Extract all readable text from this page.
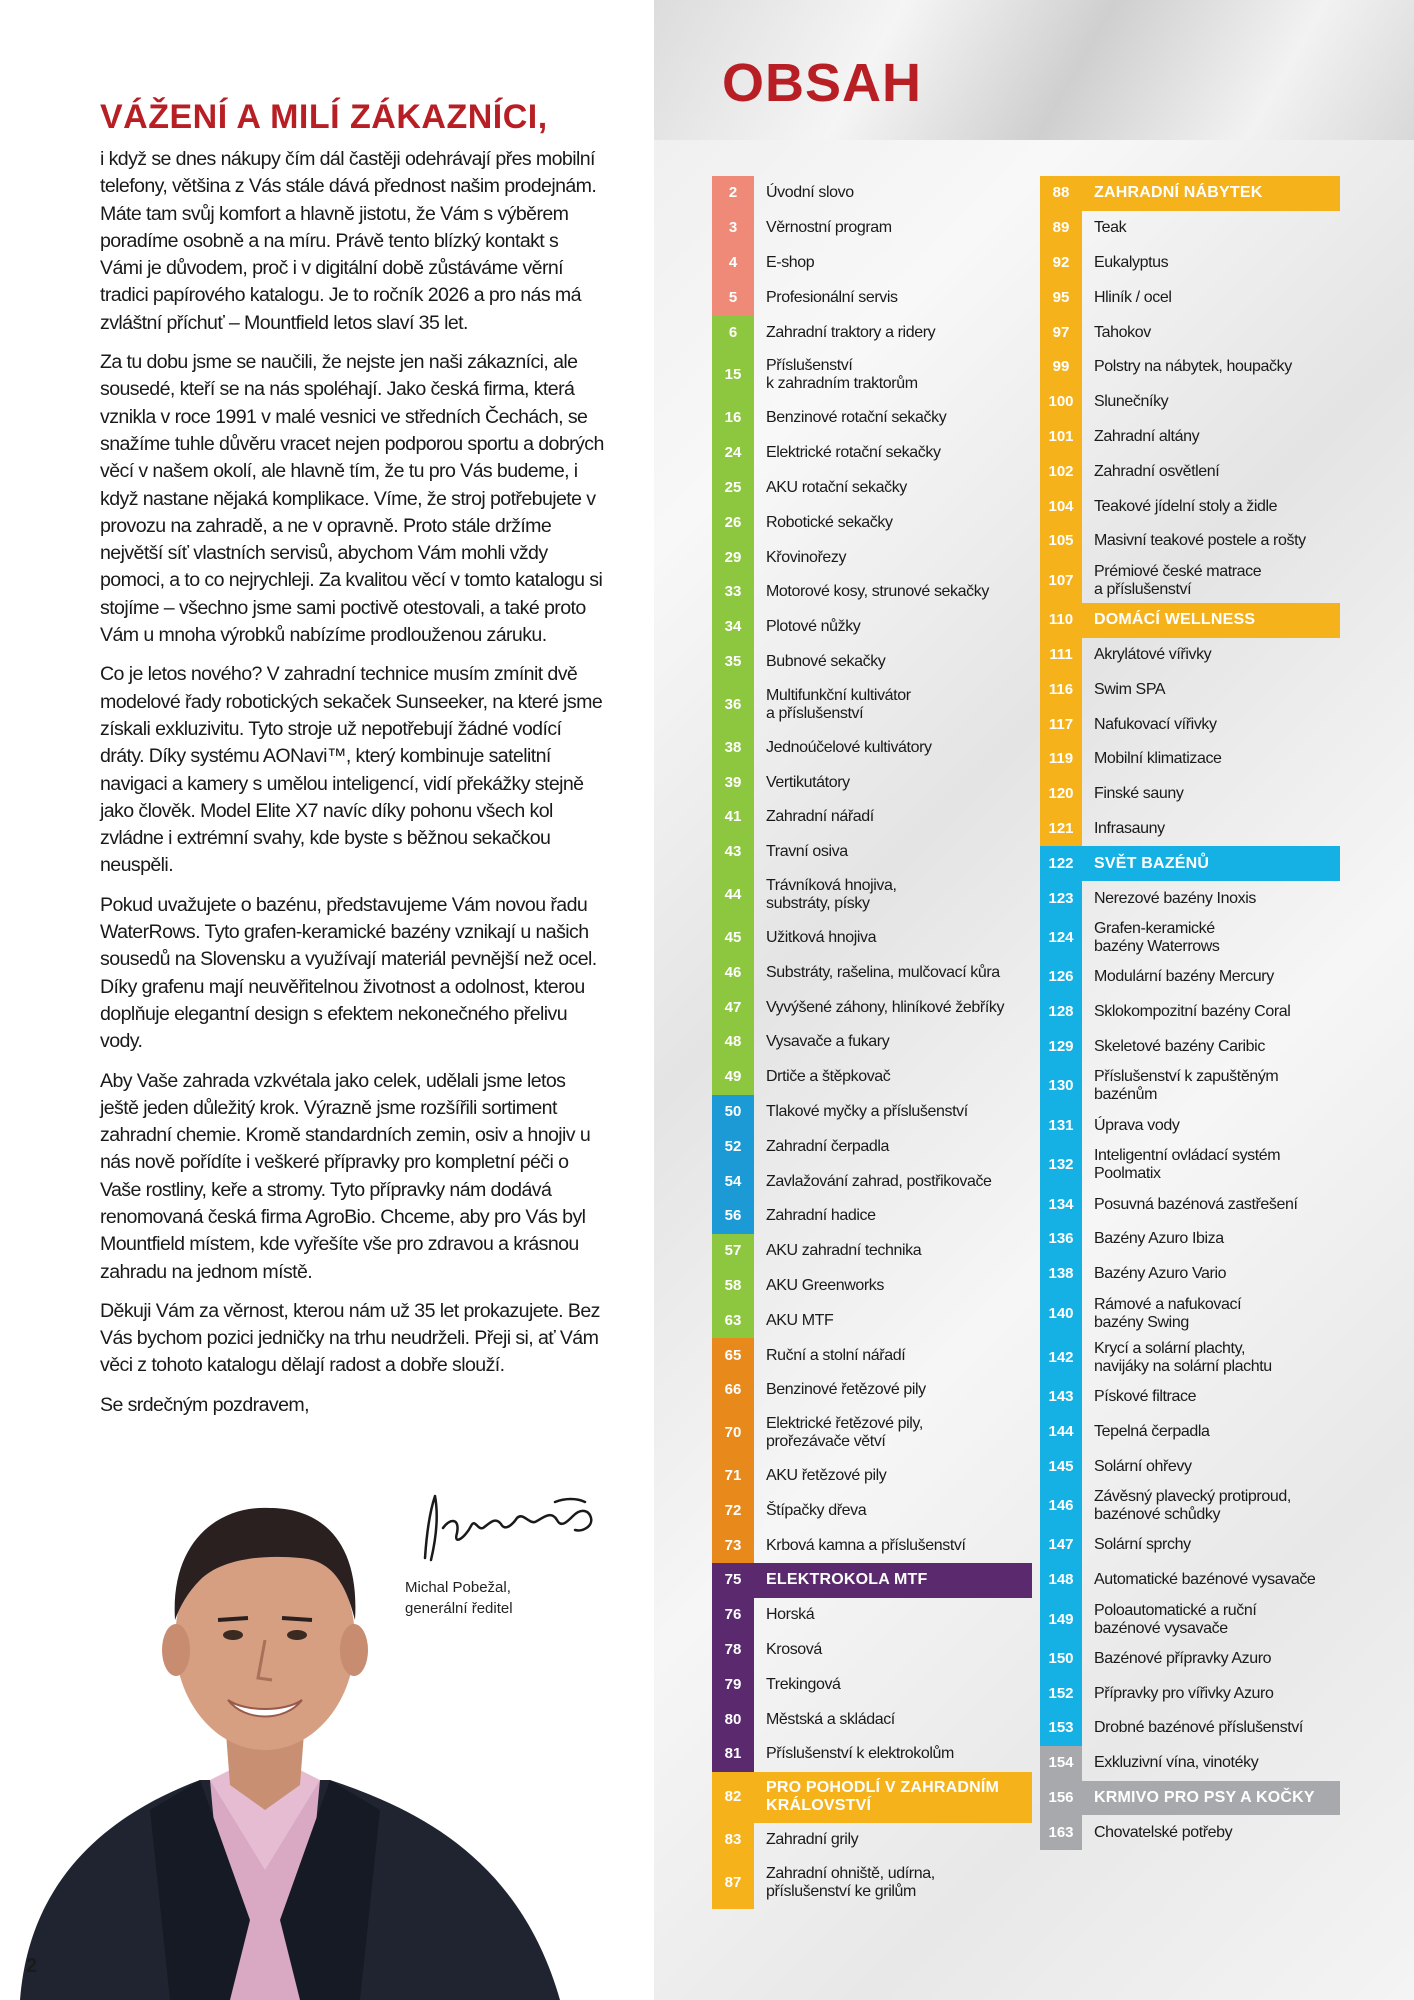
VÁŽENÍ A MILÍ ZÁKAZNÍCI,

i když se dnes nákupy čím dál častěji odehrávají přes mobilní telefony, většina z Vás stále dává přednost našim prodejnám. Máte tam svůj komfort a hlavně jistotu, že Vám s výběrem poradíme osobně a na míru. Právě tento blízký kontakt s Vámi je důvodem, proč i v digitální době zůstáváme věrní tradici papírového katalogu. Je to ročník 2026 a pro nás má zvláštní příchuť – Mountfield letos slaví 35 let.

Za tu dobu jsme se naučili, že nejste jen naši zákazníci, ale sousedé, kteří se na nás spoléhají. Jako česká firma, která vznikla v roce 1991 v malé vesnici ve středních Čechách, se snažíme tuhle důvěru vracet nejen podporou sportu a dobrých věcí v našem okolí, ale hlavně tím, že tu pro Vás budeme, i když nastane nějaká komplikace. Víme, že stroj potřebujete v provozu na zahradě, a ne v opravně. Proto stále držíme největší síť vlastních servisů, abychom Vám mohli vždy pomoci, a to co nejrychleji. Za kvalitou věcí v tomto katalogu si stojíme – všechno jsme sami poctivě otestovali, a také proto Vám u mnoha výrobků nabízíme prodlouženou záruku.

Co je letos nového? V zahradní technice musím zmínit dvě modelové řady robotických sekaček Sunseeker, na které jsme získali exkluzivitu. Tyto stroje už nepotřebují žádné vodící dráty. Díky systému AONavi™, který kombinuje satelitní navigaci a kamery s umělou inteligencí, vidí překážky stejně jako člověk. Model Elite X7 navíc díky pohonu všech kol zvládne i extrémní svahy, kde byste s běžnou sekačkou neuspěli.

Pokud uvažujete o bazénu, představujeme Vám novou řadu WaterRows. Tyto grafen-keramické bazény vznikají u našich sousedů na Slovensku a využívají materiál pevnější než ocel. Díky grafenu mají neuvěřitelnou životnost a odolnost, kterou doplňuje elegantní design s efektem nekonečného přelivu vody.

Aby Vaše zahrada vzkvétala jako celek, udělali jsme letos ještě jeden důležitý krok. Výrazně jsme rozšířili sortiment zahradní chemie. Kromě standardních zemin, osiv a hnojiv u nás nově pořídíte i veškeré přípravky pro kompletní péči o Vaše rostliny, keře a stromy. Tyto přípravky nám dodává renomovaná česká firma AgroBio. Chceme, aby pro Vás byl Mountfield místem, kde vyřešíte vše pro zdravou a krásnou zahradu na jednom místě.

Děkuji Vám za věrnost, kterou nám už 35 let prokazujete. Bez Vás bychom pozici jedničky na trhu neudrželi. Přeji si, ať Vám věci z tohoto katalogu dělají radost a dobře slouží.

Se srdečným pozdravem,

Michal Pobežal,
generální ředitel
2
OBSAH
2	Úvodní slovo
3	Věrnostní program
4	E-shop
5	Profesionální servis
6	Zahradní traktory a ridery
15
Příslušenství
k zahradním traktorům
16	Benzinové rotační sekačky
24	Elektrické rotační sekačky
25	AKU rotační sekačky
26	Robotické sekačky
29	Křovinořezy
33	Motorové kosy, strunové sekačky
34	Plotové nůžky
35	Bubnové sekačky
36
Multifunkční kultivátor
a příslušenství
38	Jednoúčelové kultivátory
39	Vertikutátory
41	Zahradní nářadí
43	Travní osiva
44
Trávníková hnojiva,
substráty, písky
45	Užitková hnojiva
46	Substráty, rašelina, mulčovací kůra
47	Vyvýšené záhony, hliníkové žebříky
48	Vysavače a fukary
49	Drtiče a štěpkovač
50	Tlakové myčky a příslušenství
52	Zahradní čerpadla
54	Zavlažování zahrad, postřikovače
56	Zahradní hadice
57	AKU zahradní technika
58	AKU Greenworks
63	AKU MTF
65	Ruční a stolní nářadí
66	Benzinové řetězové pily
70
Elektrické řetězové pily,
prořezávače větví
71	AKU řetězové pily
72	Štípačky dřeva
73	Krbová kamna a příslušenství
75	ELEKTROKOLA MTF
76	Horská
78	Krosová
79	Trekingová
80	Městská a skládací
81	Příslušenství k elektrokolům
82
PRO POHODLÍ V ZAHRADNÍM
KRÁLOVSTVÍ
83	Zahradní grily
87
Zahradní ohniště, udírna,
příslušenství ke grilům
88	ZAHRADNÍ NÁBYTEK
89	Teak
92	Eukalyptus
95	Hliník / ocel
97	Tahokov
99	Polstry na nábytek, houpačky
100	Slunečníky
101	Zahradní altány
102	Zahradní osvětlení
104	Teakové jídelní stoly a židle
105	Masivní teakové postele a rošty
107
Prémiové české matrace
a příslušenství
110	DOMÁCÍ WELLNESS
111	Akrylátové vířivky
116	Swim SPA
117	Nafukovací vířivky
119	Mobilní klimatizace
120	Finské sauny
121	Infrasauny
122	SVĚT BAZÉNŮ
123	Nerezové bazény Inoxis
124
Grafen-keramické
bazény Waterrows
126	Modulární bazény Mercury
128	Sklokompozitní bazény Coral
129	Skeletové bazény Caribic
130
Příslušenství k zapuštěným
bazénům
131	Úprava vody
132
Inteligentní ovládací systém
Poolmatix
134	Posuvná bazénová zastřešení
136	Bazény Azuro Ibiza
138	Bazény Azuro Vario
140
Rámové a nafukovací
bazény Swing
142
Krycí a solární plachty,
navijáky na solární plachtu
143	Pískové filtrace
144	Tepelná čerpadla
145	Solární ohřevy
146
Závěsný plavecký protiproud,
bazénové schůdky
147	Solární sprchy
148	Automatické bazénové vysavače
149
Poloautomatické a ruční
bazénové vysavače
150	Bazénové přípravky Azuro
152	Přípravky pro vířivky Azuro
153	Drobné bazénové příslušenství
154	Exkluzivní vína, vinotéky
156	KRMIVO PRO PSY A KOČKY
163	Chovatelské potřeby
